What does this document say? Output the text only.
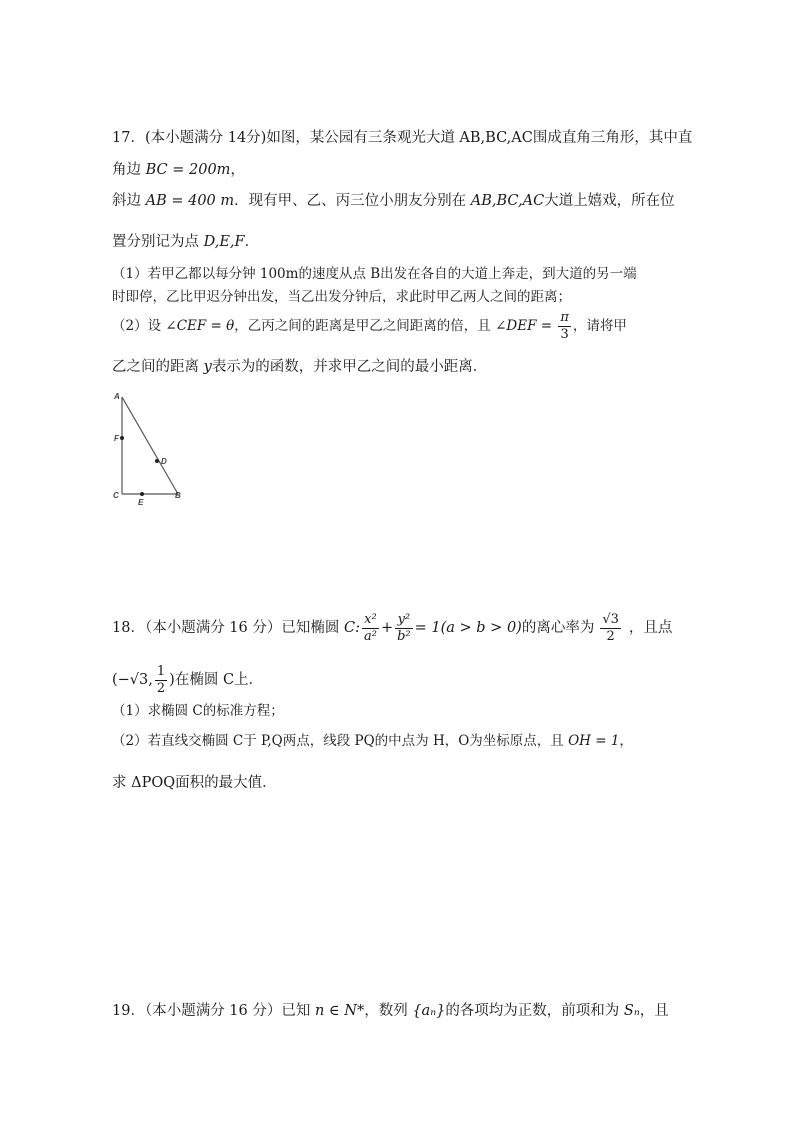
17．(本小题满分 14分)如图，某公园有三条观光大道 AB,BC,AC围成直角三角形，其中直
角边 BC = 200m，
斜边 AB = 400 m．现有甲、乙、丙三位小朋友分别在 AB,BC,AC大道上嬉戏，所在位
置分别记为点 D,E,F．
（1）若甲乙都以每分钟 100m的速度从点 B出发在各自的大道上奔走，到大道的另一端
时即停，乙比甲迟分钟出发，当乙出发分钟后，求此时甲乙两人之间的距离；
（2）设 ∠CEF = θ，乙丙之间的距离是甲乙之间距离的倍，且 ∠DEF = $\frac{\pi}{3}$ ，请将甲
乙之间的距离 y表示为的函数，并求甲乙之间的最小距离．
A
F
D
C
E
B
18．（本小题满分 16 分）已知椭圆 C: $\frac{\text{x²}}{\text{a²}} + \frac{\text{y²}}{\text{b²}} = 1(a > b > 0)$的离心率为 $\frac{√3}{2}$ ，且点
(−√3, $\frac{1}{2}$ )在椭圆 C上．
（1）求椭圆 C的标准方程；
（2）若直线交椭圆 C于 P,Q两点，线段 PQ的中点为 H，O为坐标原点，且 OH = 1，
求 ΔPOQ面积的最大值．
19．（本小题满分 16 分）已知 n ∈ N*，数列 {aₙ}的各项均为正数，前项和为 Sₙ，且
